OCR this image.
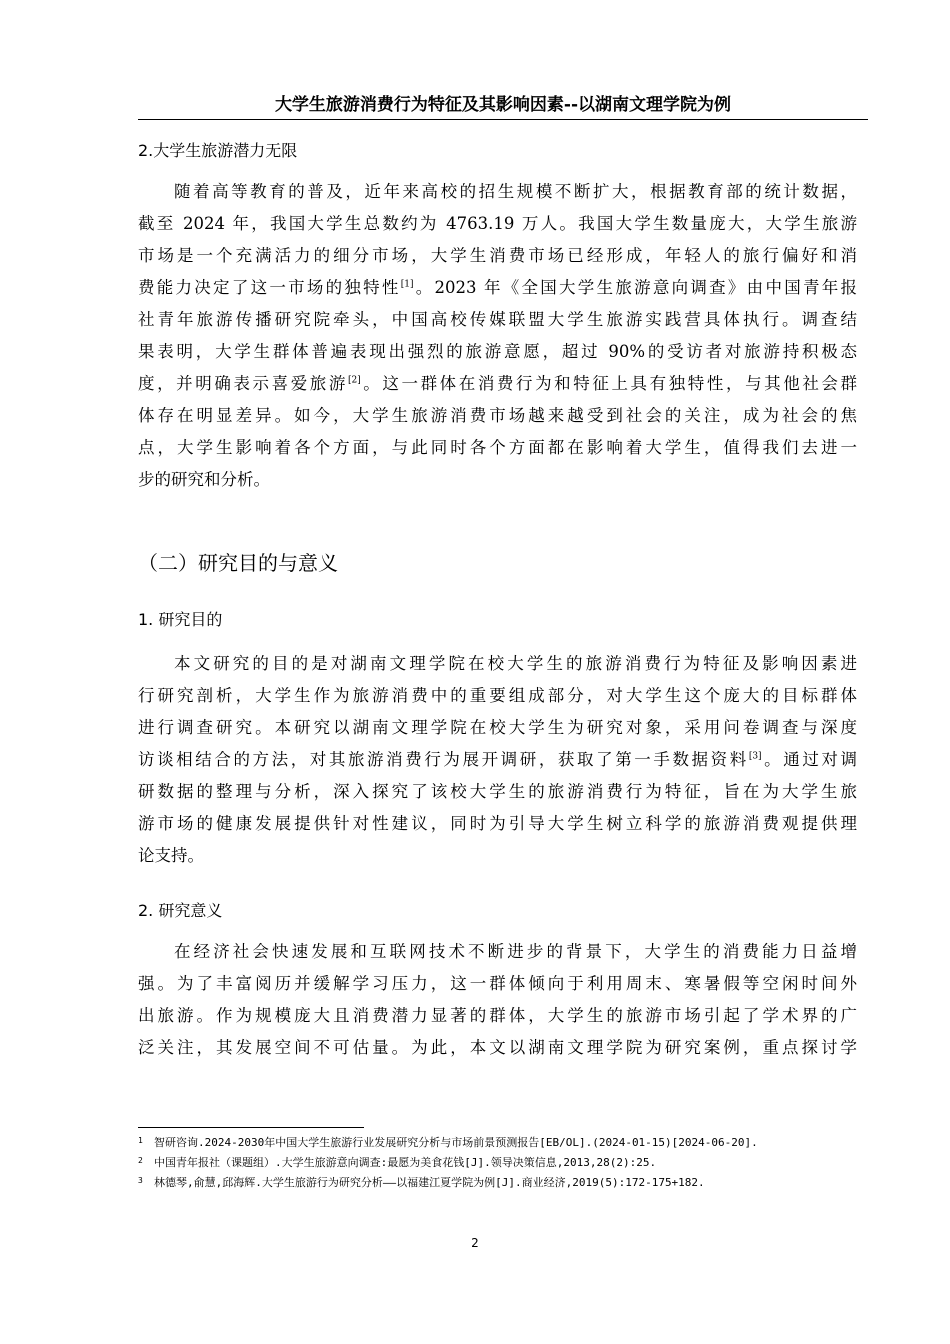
大学生旅游消费行为特征及其影响因素--以湖南文理学院为例
2.大学生旅游潜力无限
随着高等教育的普及，近年来高校的招生规模不断扩大，根据教育部的统计数据，
截至 2024 年，我国大学生总数约为 4763.19 万人。我国大学生数量庞大，大学生旅游
市场是一个充满活力的细分市场，大学生消费市场已经形成，年轻人的旅行偏好和消
费能力决定了这一市场的独特性[1]。2023 年《全国大学生旅游意向调查》由中国青年报
社青年旅游传播研究院牵头，中国高校传媒联盟大学生旅游实践营具体执行。调查结
果表明，大学生群体普遍表现出强烈的旅游意愿，超过 90%的受访者对旅游持积极态
度，并明确表示喜爱旅游[2]。这一群体在消费行为和特征上具有独特性，与其他社会群
体存在明显差异。如今，大学生旅游消费市场越来越受到社会的关注，成为社会的焦
点，大学生影响着各个方面，与此同时各个方面都在影响着大学生，值得我们去进一
步的研究和分析。
（二）研究目的与意义
1. 研究目的
本文研究的目的是对湖南文理学院在校大学生的旅游消费行为特征及影响因素进
行研究剖析，大学生作为旅游消费中的重要组成部分，对大学生这个庞大的目标群体
进行调查研究。本研究以湖南文理学院在校大学生为研究对象，采用问卷调查与深度
访谈相结合的方法，对其旅游消费行为展开调研，获取了第一手数据资料[3]。通过对调
研数据的整理与分析，深入探究了该校大学生的旅游消费行为特征，旨在为大学生旅
游市场的健康发展提供针对性建议，同时为引导大学生树立科学的旅游消费观提供理
论支持。
2. 研究意义
在经济社会快速发展和互联网技术不断进步的背景下，大学生的消费能力日益增
强。为了丰富阅历并缓解学习压力，这一群体倾向于利用周末、寒暑假等空闲时间外
出旅游。作为规模庞大且消费潜力显著的群体，大学生的旅游市场引起了学术界的广
泛关注，其发展空间不可估量。为此，本文以湖南文理学院为研究案例，重点探讨学
1 智研咨询.2024-2030年中国大学生旅游行业发展研究分析与市场前景预测报告[EB/OL].(2024-01-15)[2024-06-20].
2 中国青年报社（课题组）.大学生旅游意向调查:最愿为美食花钱[J].领导决策信息,2013,28(2):25.
3 林德琴,俞慧,邱海辉.大学生旅游行为研究分析——以福建江夏学院为例[J].商业经济,2019(5):172-175+182.
2
